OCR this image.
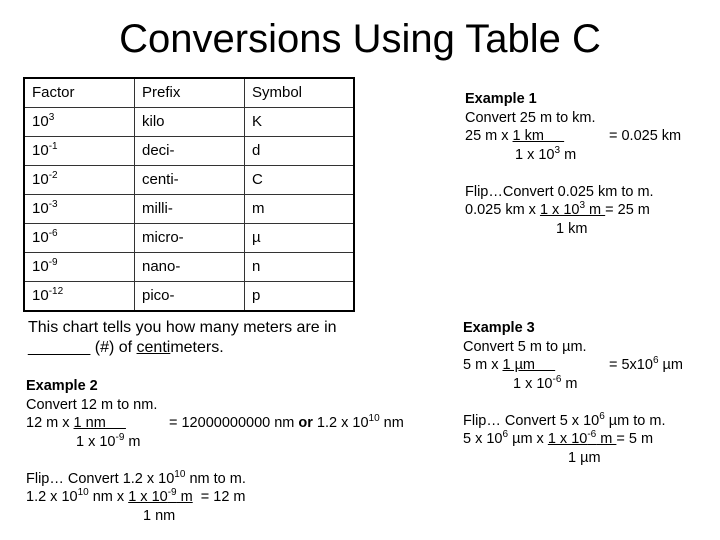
Conversions Using Table C
Factor	Prefix	Symbol
$10^3$	kilo	K
$10^{-1}$	deci-	d
$10^{-2}$	centi-	C
$10^{-3}$	milli-	m
$10^{-6}$	micro-	µ
$10^{-9}$	nano-	n
$10^{-12}$	pico-	p
This chart tells you how many meters are in
_______ (#) of centimeters.
Example 1
Convert 25 m to km.
25 m x 1 km	= 0.025 km
1 x $10^3$ m
Flip…Convert 0.025 km to m.
0.025 km x 1 x $10^3$ m = 25 m
1 km
Example 2
Convert 12 m to nm.
12 m x 1 nm	= 12000000000 nm or 1.2 x $10^{10}$ nm
1 x $10^{-9}$ m
Flip… Convert 1.2 x $10^{10}$ nm to m.
1.2 x $10^{10}$ nm x 1 x $10^{-9}$ m = 12 m
1 nm
Example 3
Convert 5 m to µm.
5 m x 1 µm	= $5x10^6$ µm
1 x $10^{-6}$ m
Flip… Convert 5 x $10^6$ µm to m.
5 x $10^6$ µm x 1 x $10^{-6}$ m = 5 m
1 µm
